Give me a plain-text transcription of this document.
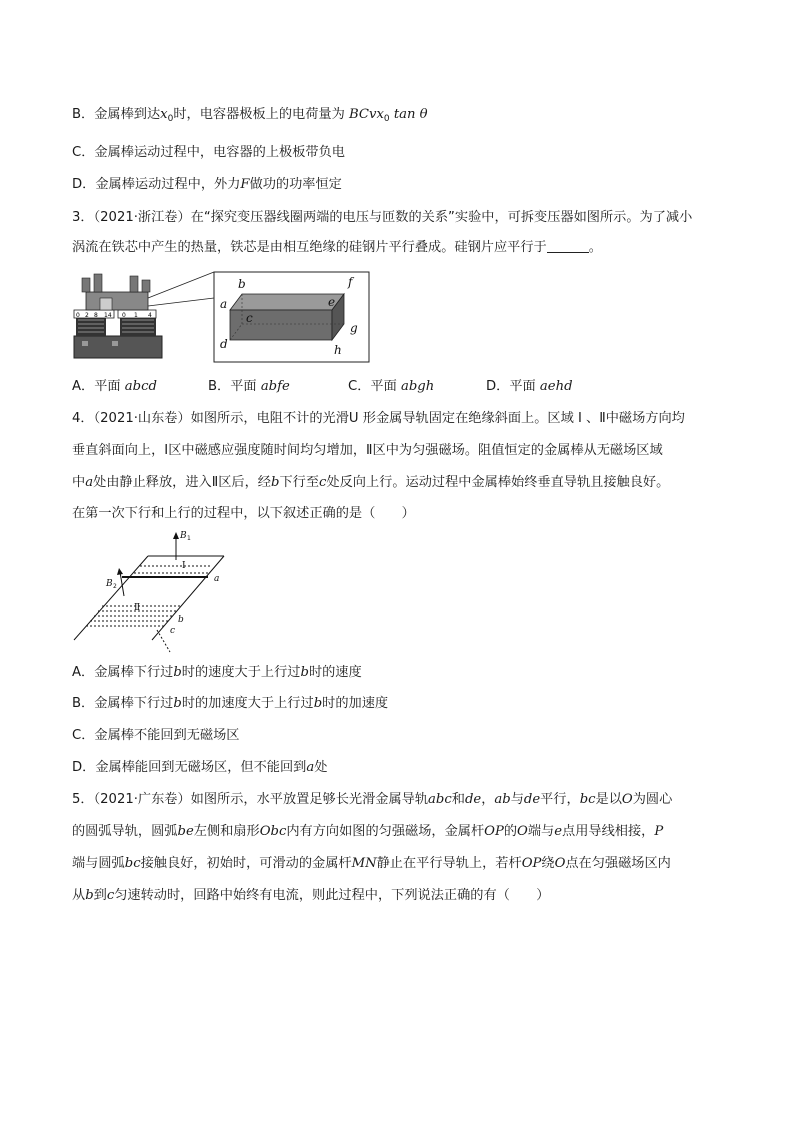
B．金属棒到达$x_0$时，电容器极板上的电荷量为 BCvx$_0$ tan θ
C．金属棒运动过程中，电容器的上极板带负电
D．金属棒运动过程中，外力F做功的功率恒定
3．（2021·浙江卷）在“探究变压器线圈两端的电压与匝数的关系”实验中，可拆变压器如图所示。为了减小
涡流在铁芯中产生的热量，铁芯是由相互绝缘的硅钢片平行叠成。硅钢片应平行于	。
0 2 8 14 0 1 4
a
b
c
d
e
f
g
h
A．平面 abcd	B．平面 abfe	C．平面 abgh	D．平面 aehd
4．（2021·山东卷）如图所示，电阻不计的光滑U 形金属导轨固定在绝缘斜面上。区域 Ⅰ 、Ⅱ中磁场方向均
垂直斜面向上，Ⅰ区中磁感应强度随时间均匀增加，Ⅱ区中为匀强磁场。阻值恒定的金属棒从无磁场区域
中a处由静止释放，进入Ⅱ区后，经b下行至c处反向上行。运动过程中金属棒始终垂直导轨且接触良好。
在第一次下行和上行的过程中，以下叙述正确的是（　　）
B 1
Ⅰ
B 2
Ⅱ
a
b
c
A．金属棒下行过b时的速度大于上行过b时的速度
B．金属棒下行过b时的加速度大于上行过b时的加速度
C．金属棒不能回到无磁场区
D．金属棒能回到无磁场区，但不能回到a处
5．（2021·广东卷）如图所示，水平放置足够长光滑金属导轨abc和de，ab与de平行，bc是以O为圆心
的圆弧导轨，圆弧be左侧和扇形Obc内有方向如图的匀强磁场，金属杆OP的O端与e点用导线相接，P
端与圆弧bc接触良好，初始时，可滑动的金属杆MN静止在平行导轨上，若杆OP绕O点在匀强磁场区内
从b到c匀速转动时，回路中始终有电流，则此过程中，下列说法正确的有（　　）
